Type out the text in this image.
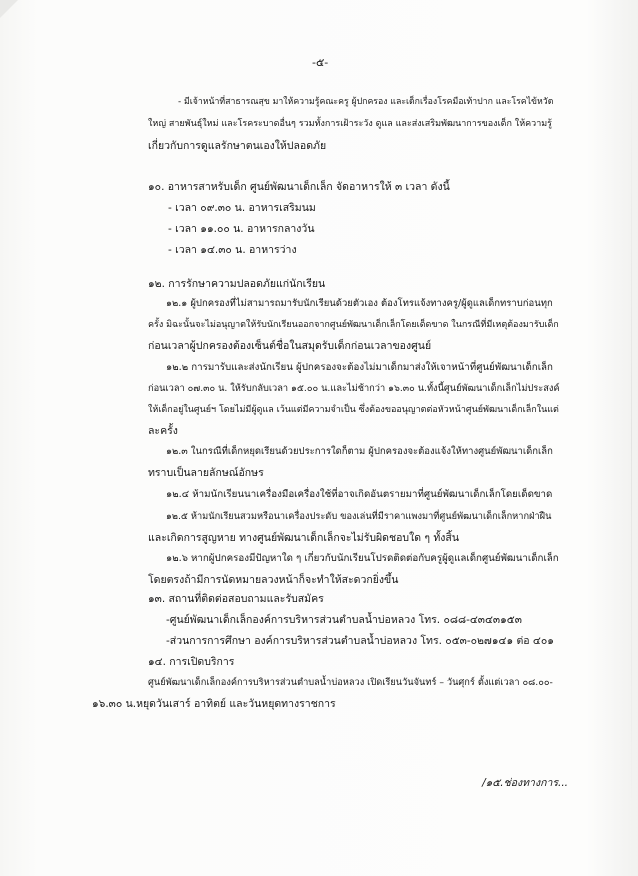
-๕-
- มีเจ้าหน้าที่สาธารณสุข มาให้ความรู้คณะครู ผู้ปกครอง และเด็กเรื่องโรคมือเท้าปาก และโรคไข้หวัด
ใหญ่ สายพันธุ์ใหม่ และโรคระบาดอื่นๆ รวมทั้งการเฝ้าระวัง ดูแล และส่งเสริมพัฒนาการของเด็ก ให้ความรู้
เกี่ยวกับการดูแลรักษาตนเองให้ปลอดภัย
๑๐. อาหารสาหรับเด็ก ศูนย์พัฒนาเด็กเล็ก จัดอาหารให้ ๓ เวลา ดังนี้
- เวลา ๐๙.๓๐ น. อาหารเสริมนม
- เวลา ๑๑.๐๐ น. อาหารกลางวัน
- เวลา ๑๔.๓๐ น. อาหารว่าง
๑๒. การรักษาความปลอดภัยแก่นักเรียน
๑๒.๑ ผู้ปกครองที่ไม่สามารถมารับนักเรียนด้วยตัวเอง ต้องโทรแจ้งทางครู/ผู้ดูแลเด็กทราบก่อนทุก
ครั้ง มิฉะนั้นจะไม่อนุญาตให้รับนักเรียนออกจากศูนย์พัฒนาเด็กเล็กโดยเด็ดขาด ในกรณีที่มีเหตุต้องมารับเด็ก
ก่อนเวลาผู้ปกครองต้องเซ็นต์ชื่อในสมุดรับเด็กก่อนเวลาของศูนย์
๑๒.๒ การมารับและส่งนักเรียน ผู้ปกครองจะต้องไม่มาเด็กมาส่งให้เจาหน้าที่ศูนย์พัฒนาเด็กเล็ก
ก่อนเวลา ๐๗.๓๐ น. ให้รับกลับเวลา ๑๕.๐๐ น.และไม่ช้ากว่า ๑๖.๓๐ น.ทั้งนี้ศูนย์พัฒนาเด็กเล็กไม่ประสงค์
ให้เด็กอยู่ในศูนย์ฯ โดยไม่มีผู้ดูแล เว้นแต่มีความจำเป็น ซึ่งต้องขออนุญาตต่อหัวหน้าศูนย์พัฒนาเด็กเล็กในแต่
ละครั้ง
๑๒.๓ ในกรณีที่เด็กหยุดเรียนด้วยประการใดก็ตาม ผู้ปกครองจะต้องแจ้งให้ทางศูนย์พัฒนาเด็กเล็ก
ทราบเป็นลายลักษณ์อักษร
๑๒.๔ ห้ามนักเรียนนาเครื่องมือเครื่องใช้ที่อาจเกิดอันตรายมาที่ศูนย์พัฒนาเด็กเล็กโดยเด็ดขาด
๑๒.๕ ห้ามนักเรียนสวมหรือนาเครื่องประดับ ของเล่นที่มีราคาแพงมาที่ศูนย์พัฒนาเด็กเล็กหากฝ่าฝืน
และเกิดการสูญหาย ทางศูนย์พัฒนาเด็กเล็กจะไม่รับผิดชอบใด ๆ ทั้งสิ้น
๑๒.๖ หากผู้ปกครองมีปัญหาใด ๆ เกี่ยวกับนักเรียนโปรดติดต่อกับครูผู้ดูแลเด็กศูนย์พัฒนาเด็กเล็ก
โดยตรงถ้ามีการนัดหมายลวงหน้าก็จะทำให้สะดวกยิ่งขึ้น
๑๓. สถานที่ติดต่อสอบถามและรับสมัคร
-ศูนย์พัฒนาเด็กเล็กองค์การบริหารส่วนตำบลน้ำบ่อหลวง โทร. ๐๘๘-๔๓๔๓๑๕๓
-ส่วนการการศึกษา องค์การบริหารส่วนตำบลน้ำบ่อหลวง โทร. ๐๕๓-๐๒๗๑๔๑ ต่อ ๔๐๑
๑๔. การเปิดบริการ
ศูนย์พัฒนาเด็กเล็กองค์การบริหารส่วนตำบลน้ำบ่อหลวง เปิดเรียนวันจันทร์ – วันศุกร์ ตั้งแต่เวลา ๐๘.๐๐-
๑๖.๓๐ น.หยุดวันเสาร์ อาทิตย์ และวันหยุดทางราชการ
/๑๕.ช่องทางการ...
